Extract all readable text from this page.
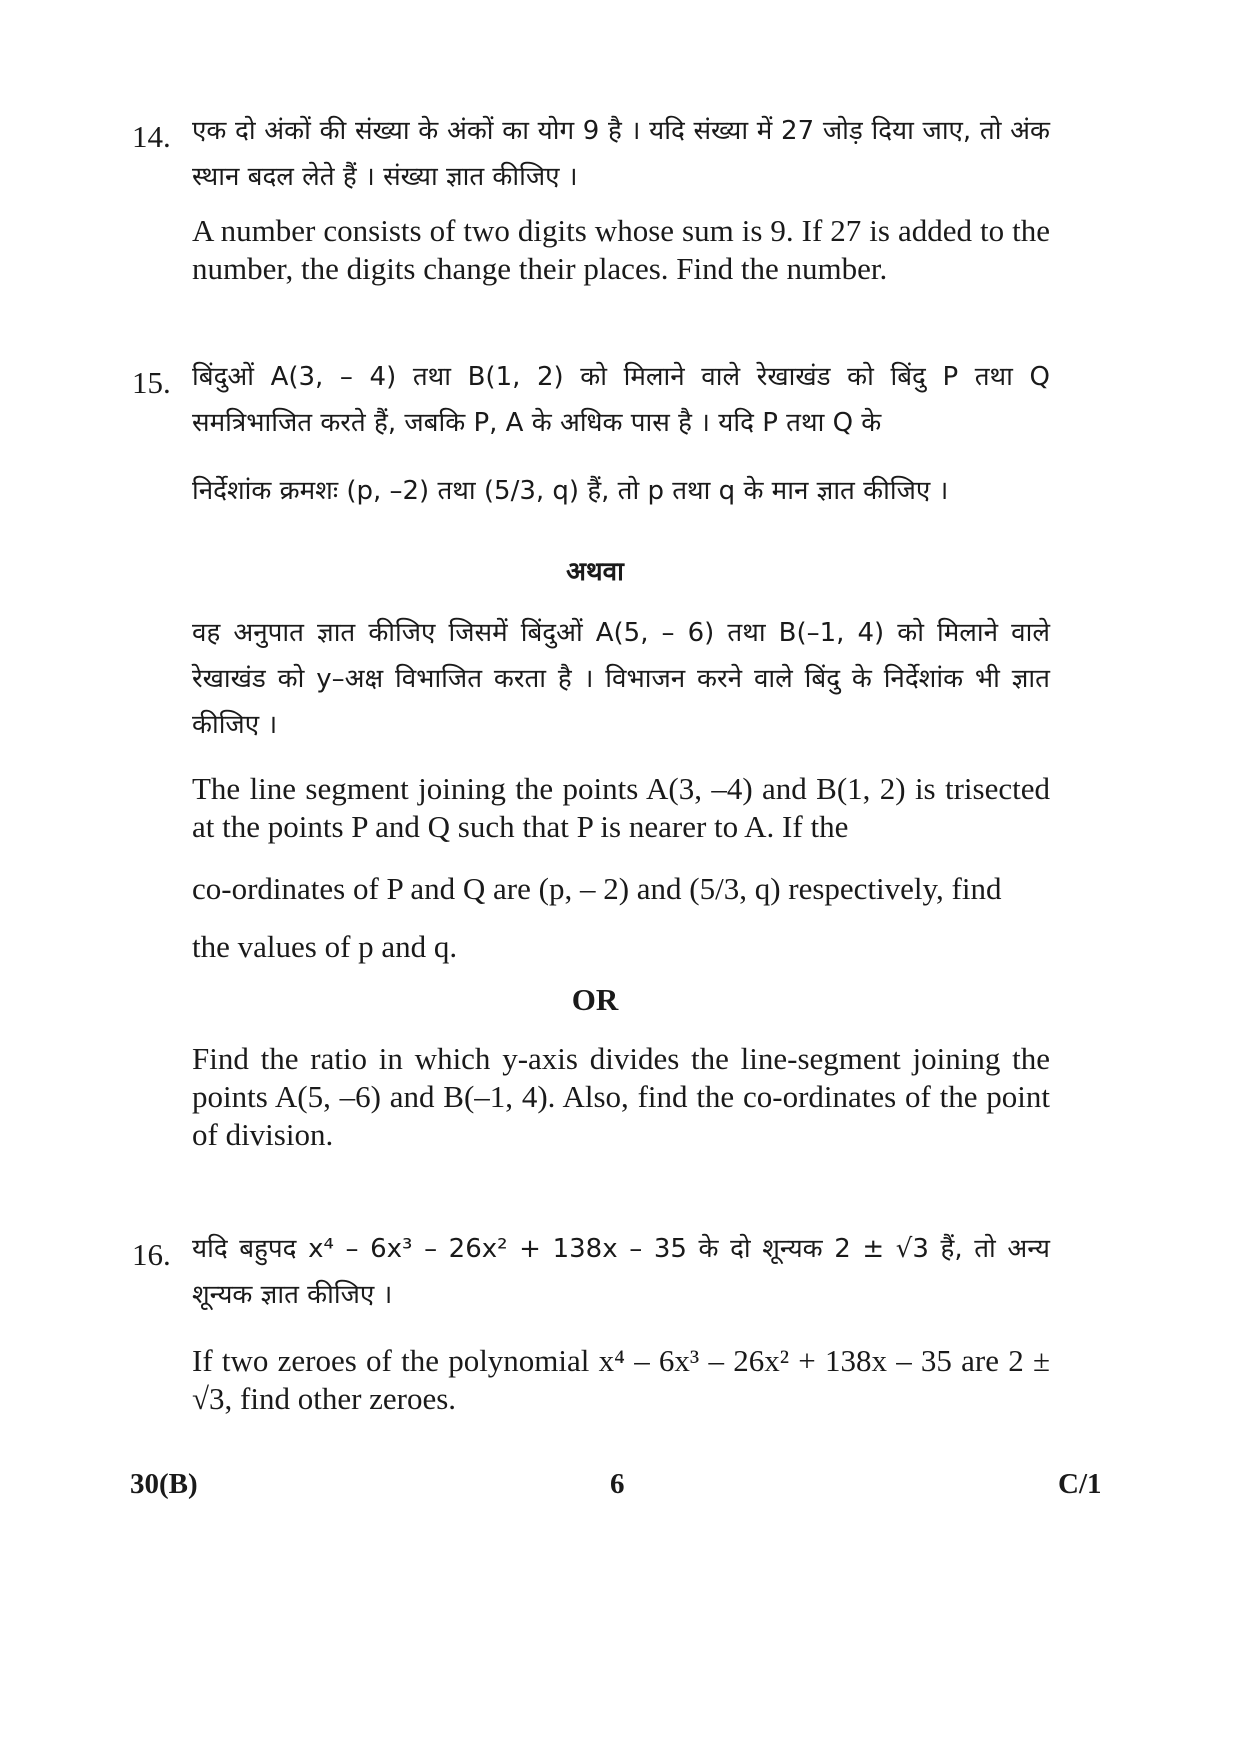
14. एक दो अंकों की संख्या के अंकों का योग 9 है । यदि संख्या में 27 जोड़ दिया जाए, तो अंक स्थान बदल लेते हैं । संख्या ज्ञात कीजिए ।
A number consists of two digits whose sum is 9. If 27 is added to the number, the digits change their places. Find the number.
15. बिंदुओं A(3, – 4) तथा B(1, 2) को मिलाने वाले रेखाखंड को बिंदु P तथा Q समत्रिभाजित करते हैं, जबकि P, A के अधिक पास है । यदि P तथा Q के
निर्देशांक क्रमशः (p, –2) तथा (5/3, q) हैं, तो p तथा q के मान ज्ञात कीजिए ।
अथवा
वह अनुपात ज्ञात कीजिए जिसमें बिंदुओं A(5, – 6) तथा B(–1, 4) को मिलाने वाले रेखाखंड को y–अक्ष विभाजित करता है । विभाजन करने वाले बिंदु के निर्देशांक भी ज्ञात कीजिए ।
The line segment joining the points A(3, –4) and B(1, 2) is trisected at the points P and Q such that P is nearer to A. If the
co-ordinates of P and Q are (p, – 2) and (5/3, q) respectively, find
the values of p and q.
OR
Find the ratio in which y-axis divides the line-segment joining the points A(5, –6) and B(–1, 4). Also, find the co-ordinates of the point of division.
16. यदि बहुपद x⁴ – 6x³ – 26x² + 138x – 35 के दो शून्यक 2 ± √3 हैं, तो अन्य शून्यक ज्ञात कीजिए ।
If two zeroes of the polynomial x⁴ – 6x³ – 26x² + 138x – 35 are 2 ± √3, find other zeroes.
30(B)	6	C/1
